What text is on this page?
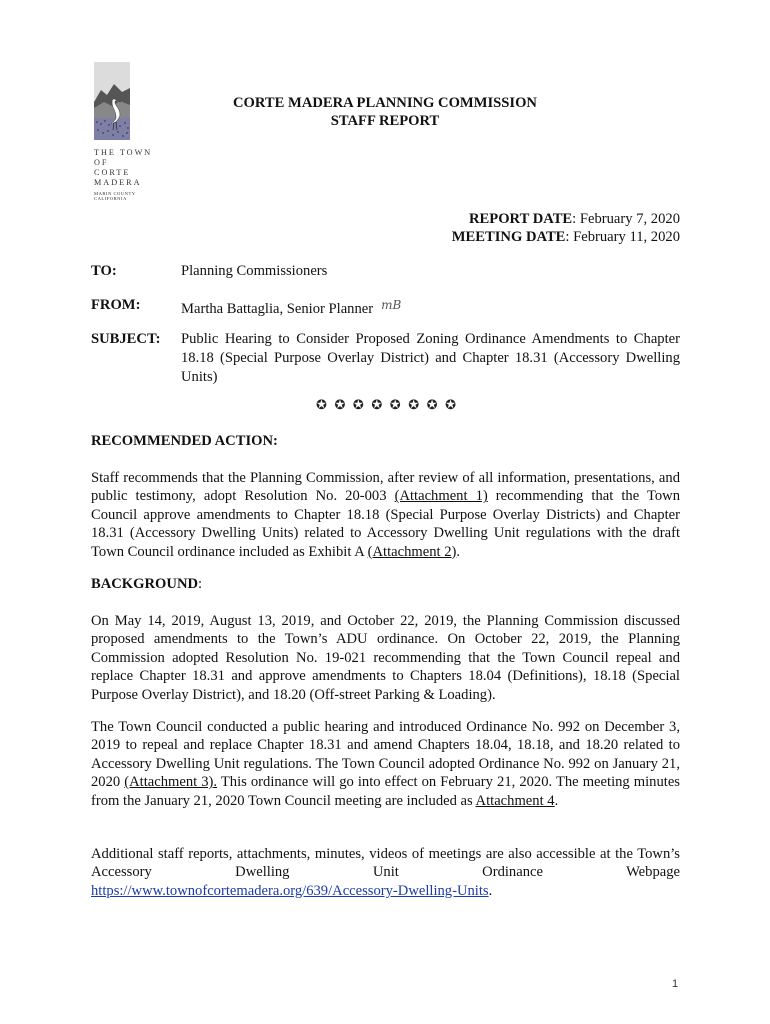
THE TOWN OF
CORTE MADERA
MARIN COUNTY CALIFORNIA
CORTE MADERA PLANNING COMMISSION
STAFF REPORT
REPORT DATE: February 7, 2020
MEETING DATE: February 11, 2020
TO:	Planning Commissioners
FROM:	Martha Battaglia, Senior Planner $^{mB}$
SUBJECT: Public Hearing to Consider Proposed Zoning Ordinance Amendments to Chapter 18.18 (Special Purpose Overlay District) and Chapter 18.31 (Accessory Dwelling Units)
✪ ✪ ✪ ✪ ✪ ✪ ✪ ✪
RECOMMENDED ACTION:
Staff recommends that the Planning Commission, after review of all information, presentations, and public testimony, adopt Resolution No. 20-003 (Attachment 1) recommending that the Town Council approve amendments to Chapter 18.18 (Special Purpose Overlay Districts) and Chapter 18.31 (Accessory Dwelling Units) related to Accessory Dwelling Unit regulations with the draft Town Council ordinance included as Exhibit A (Attachment 2).
BACKGROUND:
On May 14, 2019, August 13, 2019, and October 22, 2019, the Planning Commission discussed proposed amendments to the Town’s ADU ordinance. On October 22, 2019, the Planning Commission adopted Resolution No. 19-021 recommending that the Town Council repeal and replace Chapter 18.31 and approve amendments to Chapters 18.04 (Definitions), 18.18 (Special Purpose Overlay District), and 18.20 (Off-street Parking & Loading).
The Town Council conducted a public hearing and introduced Ordinance No. 992 on December 3, 2019 to repeal and replace Chapter 18.31 and amend Chapters 18.04, 18.18, and 18.20 related to Accessory Dwelling Unit regulations. The Town Council adopted Ordinance No. 992 on January 21, 2020 (Attachment 3). This ordinance will go into effect on February 21, 2020. The meeting minutes from the January 21, 2020 Town Council meeting are included as Attachment 4.
Additional staff reports, attachments, minutes, videos of meetings are also accessible at the Town’s Accessory Dwelling Unit Ordinance Webpage
https://www.townofcortemadera.org/639/Accessory-Dwelling-Units.
1
